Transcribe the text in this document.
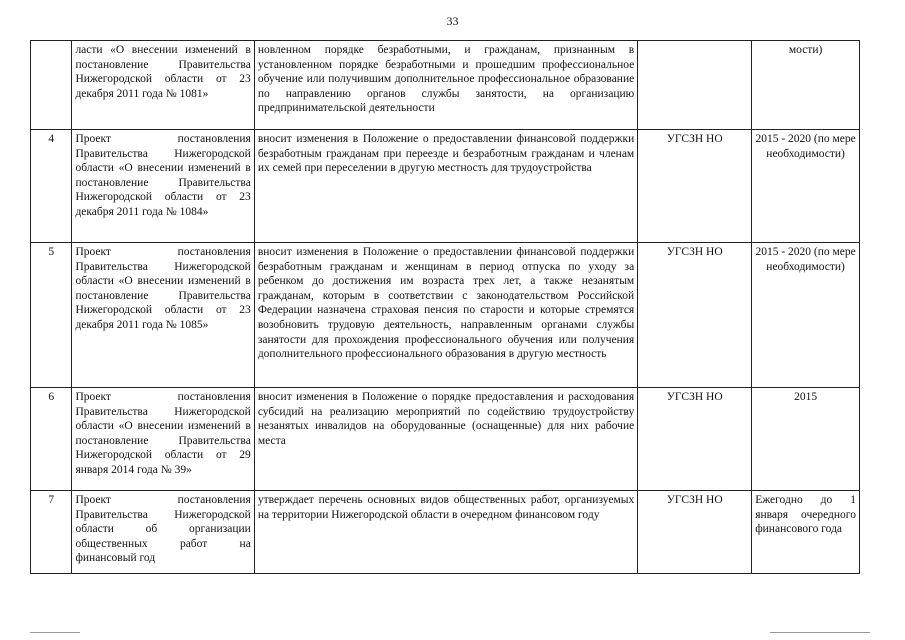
33
	ласти «О внесении изменений в постановление Правительства Нижегородской области от 23 декабря 2011 года № 1081»	новленном порядке безработными, и гражданам, признанным в установленном порядке безработными и прошедшим профессиональное обучение или получившим дополнительное профессиональное образование по направлению органов службы занятости, на организацию предпринимательской деятельности		мости)
4	Проект постановления Правительства Нижегородской области «О внесении изменений в постановление Правительства Нижегородской области от 23 декабря 2011 года № 1084»	вносит изменения в Положение о предоставлении финансовой поддержки безработным гражданам при переезде и безработным гражданам и членам их семей при переселении в другую местность для трудоустройства	УГСЗН НО	2015 - 2020 (по мере необходимости)
5	Проект постановления Правительства Нижегородской области «О внесении изменений в постановление Правительства Нижегородской области от 23 декабря 2011 года № 1085»	вносит изменения в Положение о предоставлении финансовой поддержки безработным гражданам и женщинам в период отпуска по уходу за ребенком до достижения им возраста трех лет, а также незанятым гражданам, которым в соответствии с законодательством Российской Федерации назначена страховая пенсия по старости и которые стремятся возобновить трудовую деятельность, направленным органами службы занятости для прохождения профессионального обучения или получения дополнительного профессионального образования в другую местность	УГСЗН НО	2015 - 2020 (по мере необходимости)
6	Проект постановления Правительства Нижегородской области «О внесении изменений в постановление Правительства Нижегородской области от 29 января 2014 года № 39»	вносит изменения в Положение о порядке предоставления и расходования субсидий на реализацию мероприятий по содействию трудоустройству незанятых инвалидов на оборудованные (оснащенные) для них рабочие места	УГСЗН НО	2015
7	Проект постановления Правительства Нижегородской области об организации общественных работ на финансовый год	утверждает перечень основных видов общественных работ, организуемых на территории Нижегородской области в очередном финансовом году	УГСЗН НО	Ежегодно до 1 января очередного финансового года
